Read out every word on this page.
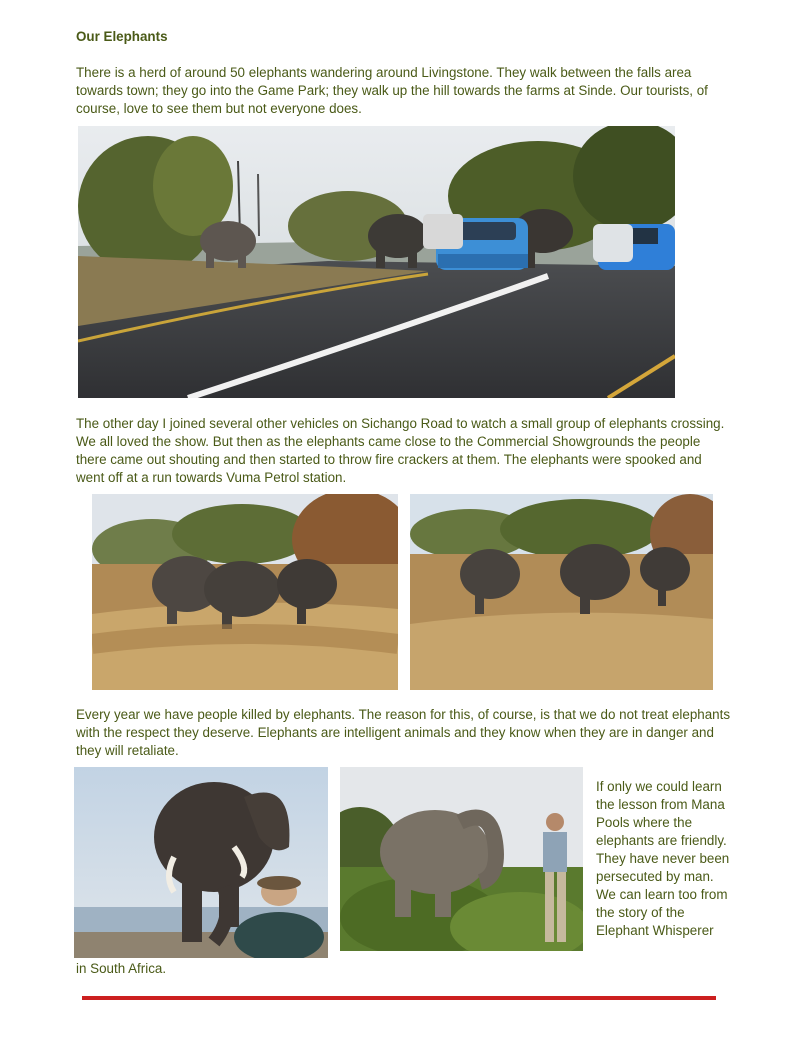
Our Elephants

There is a herd of around 50 elephants wandering around Livingstone. They walk between the falls area towards town; they go into the Game Park; they walk up the hill towards the farms at Sinde. Our tourists, of course, love to see them but not everyone does.

The other day I joined several other vehicles on Sichango Road to watch a small group of elephants crossing. We all loved the show. But then as the elephants came close to the Commercial Showgrounds the people there came out shouting and then started to throw fire crackers at them. The elephants were spooked and went off at a run towards Vuma Petrol station.

Every year we have people killed by elephants. The reason for this, of course, is that we do not treat elephants with the respect they deserve. Elephants are intelligent animals and they know when they are in danger and they will retaliate.

If only we could learn the lesson from Mana Pools where the elephants are friendly. They have never been persecuted by man. We can learn too from the story of the Elephant Whisperer

in South Africa.
